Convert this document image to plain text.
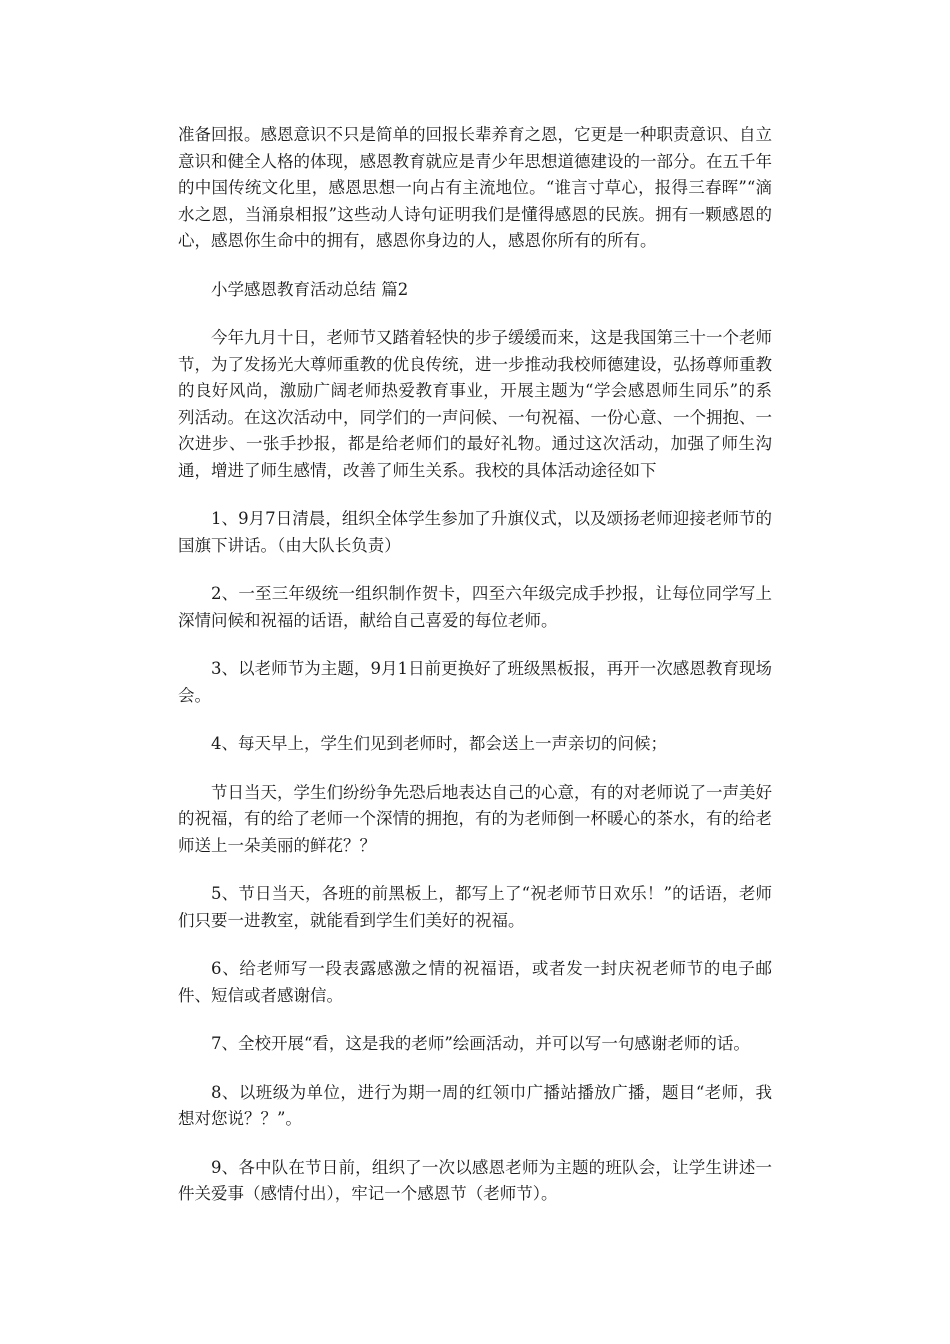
准备回报。感恩意识不只是简单的回报长辈养育之恩，它更是一种职责意识、自立意识和健全人格的体现，感恩教育就应是青少年思想道德建设的一部分。在五千年的中国传统文化里，感恩思想一向占有主流地位。“谁言寸草心，报得三春晖”“滴水之恩，当涌泉相报”这些动人诗句证明我们是懂得感恩的民族。拥有一颗感恩的心，感恩你生命中的拥有，感恩你身边的人，感恩你所有的所有。

小学感恩教育活动总结 篇2

今年九月十日，老师节又踏着轻快的步子缓缓而来，这是我国第三十一个老师节，为了发扬光大尊师重教的优良传统，进一步推动我校师德建设，弘扬尊师重教的良好风尚，激励广阔老师热爱教育事业，开展主题为“学会感恩师生同乐”的系列活动。在这次活动中，同学们的一声问候、一句祝福、一份心意、一个拥抱、一次进步、一张手抄报，都是给老师们的最好礼物。通过这次活动，加强了师生沟通，增进了师生感情，改善了师生关系。我校的具体活动途径如下

1、9月7日清晨，组织全体学生参加了升旗仪式，以及颂扬老师迎接老师节的国旗下讲话。（由大队长负责）

2、一至三年级统一组织制作贺卡，四至六年级完成手抄报，让每位同学写上深情问候和祝福的话语，献给自己喜爱的每位老师。

3、以老师节为主题，9月1日前更换好了班级黑板报，再开一次感恩教育现场会。

4、每天早上，学生们见到老师时，都会送上一声亲切的问候；

节日当天，学生们纷纷争先恐后地表达自己的心意，有的对老师说了一声美好的祝福，有的给了老师一个深情的拥抱，有的为老师倒一杯暖心的茶水，有的给老师送上一朵美丽的鲜花？？

5、节日当天，各班的前黑板上，都写上了“祝老师节日欢乐！”的话语，老师们只要一进教室，就能看到学生们美好的祝福。

6、给老师写一段表露感激之情的祝福语，或者发一封庆祝老师节的电子邮件、短信或者感谢信。

7、全校开展“看，这是我的老师”绘画活动，并可以写一句感谢老师的话。

8、以班级为单位，进行为期一周的红领巾广播站播放广播，题目“老师，我想对您说？？”。

9、各中队在节日前，组织了一次以感恩老师为主题的班队会，让学生讲述一件关爱事（感情付出），牢记一个感恩节（老师节）。
